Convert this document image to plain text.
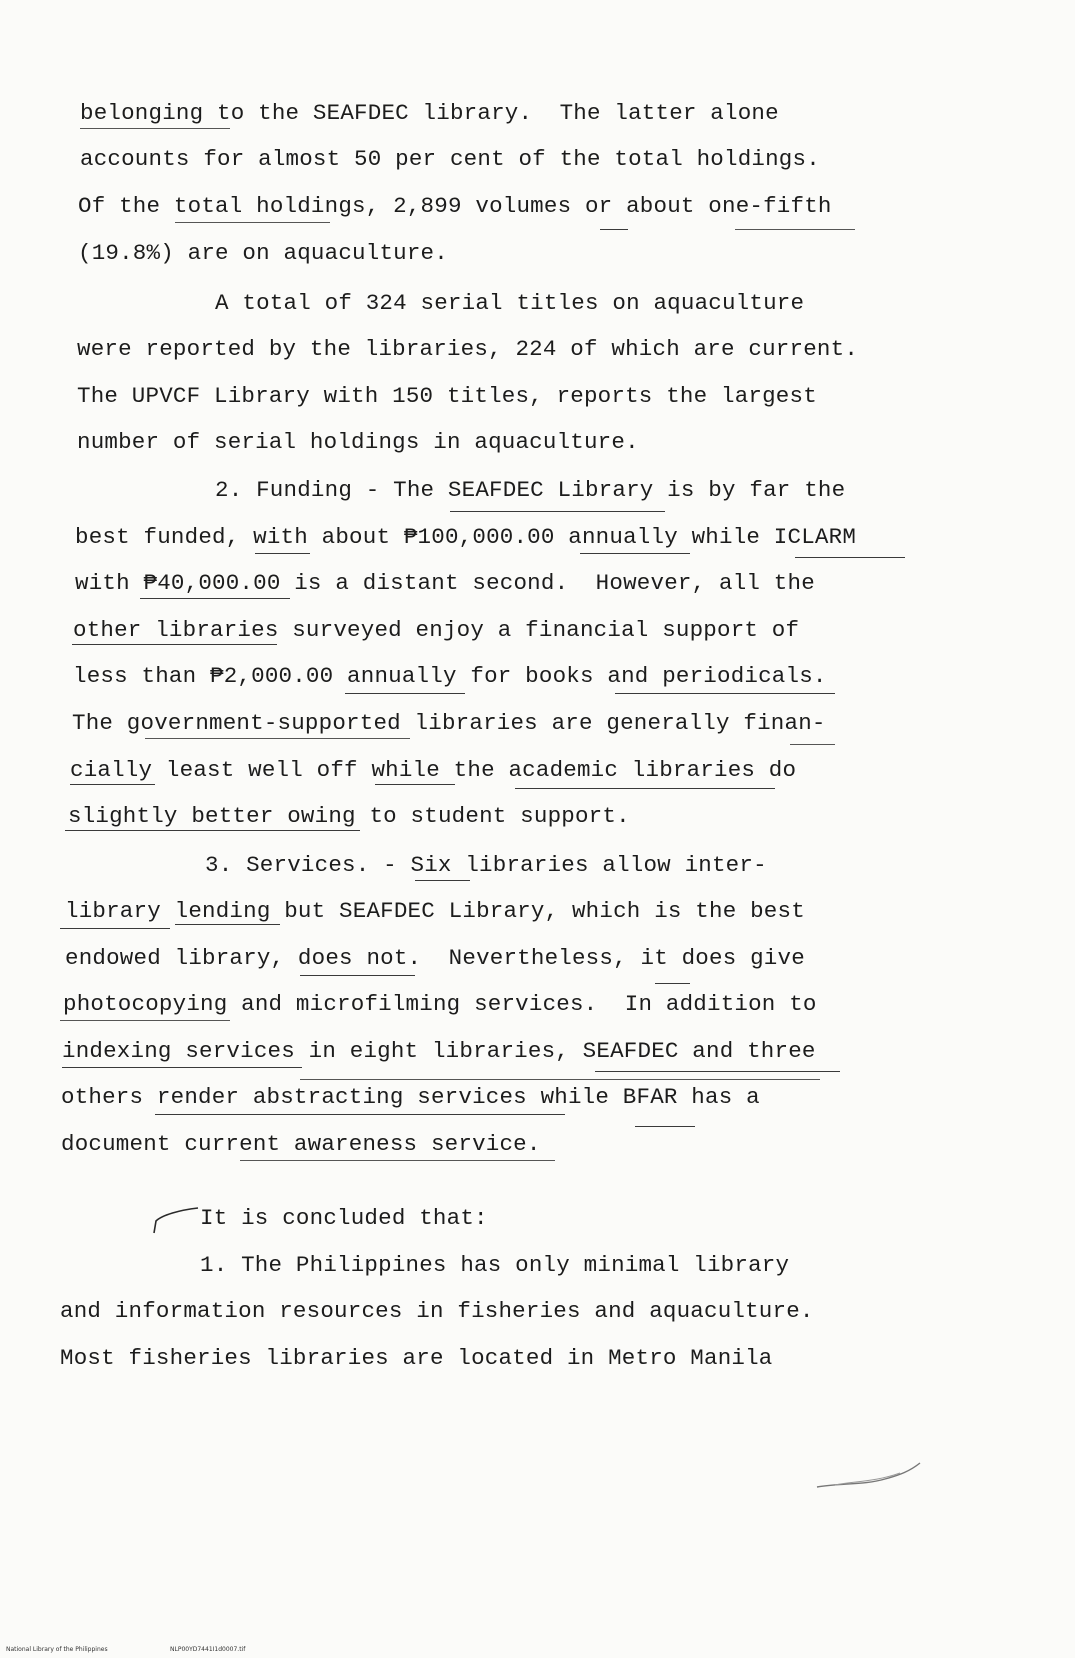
belonging to the SEAFDEC library.  The latter alone
accounts for almost 50 per cent of the total holdings.
Of the total holdings, 2,899 volumes or about one-fifth
(19.8%) are on aquaculture.
A total of 324 serial titles on aquaculture
were reported by the libraries, 224 of which are current.
The UPVCF Library with 150 titles, reports the largest
number of serial holdings in aquaculture.
2. Funding - The SEAFDEC Library is by far the
best funded, with about ₱100,000.00 annually while ICLARM
with ₱40,000.00 is a distant second.  However, all the
other libraries surveyed enjoy a financial support of
less than ₱2,000.00 annually for books and periodicals.
The government-supported libraries are generally finan-
cially least well off while the academic libraries do
slightly better owing to student support.
3. Services. - Six libraries allow inter-
library lending but SEAFDEC Library, which is the best
endowed library, does not.  Nevertheless, it does give
photocopying and microfilming services.  In addition to
indexing services in eight libraries, SEAFDEC and three
others render abstracting services while BFAR has a
document current awareness service.
It is concluded that:
1. The Philippines has only minimal library
and information resources in fisheries and aquaculture.
Most fisheries libraries are located in Metro Manila
National Library of the Philippines	NLP00YD7441I1d0007.tif
